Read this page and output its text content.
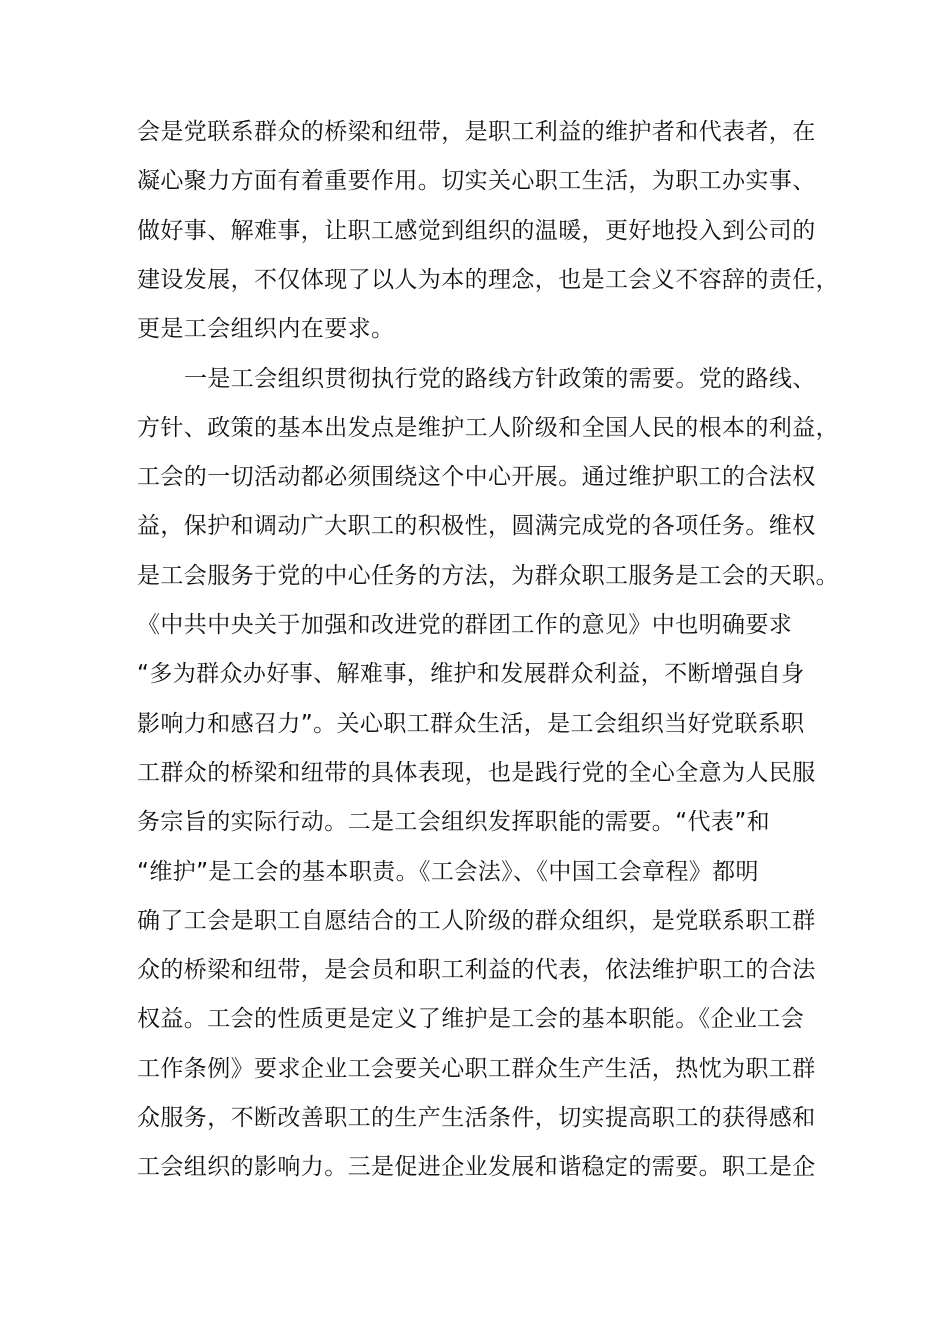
会是党联系群众的桥梁和纽带，是职工利益的维护者和代表者，在
凝心聚力方面有着重要作用。切实关心职工生活，为职工办实事、
做好事、解难事，让职工感觉到组织的温暖，更好地投入到公司的
建设发展，不仅体现了以人为本的理念，也是工会义不容辞的责任，
更是工会组织内在要求。
一是工会组织贯彻执行党的路线方针政策的需要。党的路线、
方针、政策的基本出发点是维护工人阶级和全国人民的根本的利益，
工会的一切活动都必须围绕这个中心开展。通过维护职工的合法权
益，保护和调动广大职工的积极性，圆满完成党的各项任务。维权
是工会服务于党的中心任务的方法，为群众职工服务是工会的天职。
《中共中央关于加强和改进党的群团工作的意见》中也明确要求
“多为群众办好事、解难事，维护和发展群众利益，不断增强自身
影响力和感召力”。关心职工群众生活，是工会组织当好党联系职
工群众的桥梁和纽带的具体表现，也是践行党的全心全意为人民服
务宗旨的实际行动。二是工会组织发挥职能的需要。“代表”和
“维护”是工会的基本职责。《工会法》、《中国工会章程》都明
确了工会是职工自愿结合的工人阶级的群众组织，是党联系职工群
众的桥梁和纽带，是会员和职工利益的代表，依法维护职工的合法
权益。工会的性质更是定义了维护是工会的基本职能。《企业工会
工作条例》要求企业工会要关心职工群众生产生活，热忱为职工群
众服务，不断改善职工的生产生活条件，切实提高职工的获得感和
工会组织的影响力。三是促进企业发展和谐稳定的需要。职工是企
